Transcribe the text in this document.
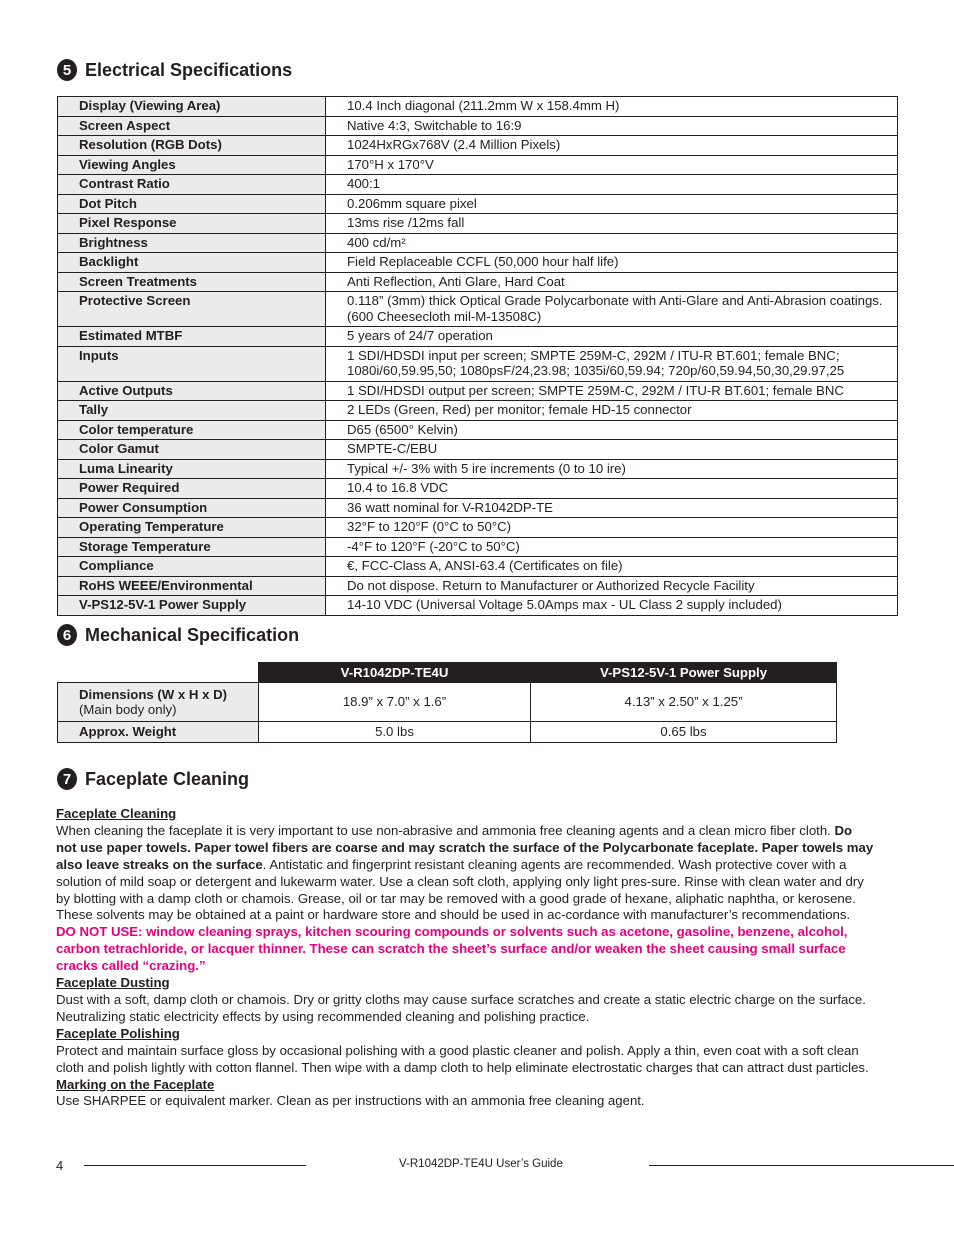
5 Electrical Specifications
Display (Viewing Area)	10.4 Inch diagonal (211.2mm W x 158.4mm H)
Screen Aspect	Native 4:3, Switchable to 16:9
Resolution (RGB Dots)	1024HxRGx768V (2.4 Million Pixels)
Viewing Angles	170°H x 170°V
Contrast Ratio	400:1
Dot Pitch	0.206mm square pixel
Pixel Response	13ms rise /12ms fall
Brightness	400 cd/m²
Backlight	Field Replaceable CCFL (50,000 hour half life)
Screen Treatments	Anti Reflection, Anti Glare, Hard Coat
Protective Screen	0.118” (3mm) thick Optical Grade Polycarbonate with Anti-Glare and Anti-Abrasion coatings. (600 Cheesecloth mil-M-13508C)
Estimated MTBF	5 years of 24/7 operation
Inputs	1 SDI/HDSDI input per screen; SMPTE 259M-C, 292M / ITU-R BT.601; female BNC; 1080i/60,59.95,50; 1080psF/24,23.98; 1035i/60,59.94; 720p/60,59.94,50,30,29.97,25
Active Outputs	1 SDI/HDSDI output per screen; SMPTE 259M-C, 292M / ITU-R BT.601; female BNC
Tally	2 LEDs (Green, Red) per monitor; female HD-15 connector
Color temperature	D65 (6500° Kelvin)
Color Gamut	SMPTE-C/EBU
Luma Linearity	Typical +/- 3% with 5 ire increments (0 to 10 ire)
Power Required	10.4 to 16.8 VDC
Power Consumption	36 watt nominal for V-R1042DP-TE
Operating Temperature	32°F to 120°F (0°C to 50°C)
Storage Temperature	-4°F to 120°F (-20°C to 50°C)
Compliance	€, FCC-Class A, ANSI-63.4 (Certificates on file)
RoHS WEEE/Environmental	Do not dispose. Return to Manufacturer or Authorized Recycle Facility
V-PS12-5V-1 Power Supply	14-10 VDC (Universal Voltage 5.0Amps max - UL Class 2 supply included)
6 Mechanical Specification
	V-R1042DP-TE4U	V-PS12-5V-1 Power Supply

Dimensions (W x H x D)
(Main body only)	18.9” x 7.0” x 1.6”	4.13” x 2.50” x 1.25”
Approx. Weight	5.0 lbs	0.65 lbs
7 Faceplate Cleaning

Faceplate Cleaning

When cleaning the faceplate it is very important to use non-abrasive and ammonia free cleaning agents and a clean micro fiber cloth. Do not use paper towels. Paper towel fibers are coarse and may scratch the surface of the Polycarbonate faceplate. Paper towels may also leave streaks on the surface. Antistatic and fingerprint resistant cleaning agents are recommended. Wash protective cover with a solution of mild soap or detergent and lukewarm water. Use a clean soft cloth, applying only light pres-sure. Rinse with clean water and dry by blotting with a damp cloth or chamois. Grease, oil or tar may be removed with a good grade of hexane, aliphatic naphtha, or kerosene. These solvents may be obtained at a paint or hardware store and should be used in ac-cordance with manufacturer’s recommendations.

DO NOT USE: window cleaning sprays, kitchen scouring compounds or solvents such as acetone, gasoline, benzene, alcohol, carbon tetrachloride, or lacquer thinner. These can scratch the sheet’s surface and/or weaken the sheet causing small surface cracks called “crazing.”

Faceplate Dusting

Dust with a soft, damp cloth or chamois. Dry or gritty cloths may cause surface scratches and create a static electric charge on the surface. Neutralizing static electricity effects by using recommended cleaning and polishing practice.

Faceplate Polishing

Protect and maintain surface gloss by occasional polishing with a good plastic cleaner and polish. Apply a thin, even coat with a soft clean cloth and polish lightly with cotton flannel. Then wipe with a damp cloth to help eliminate electrostatic charges that can attract dust particles.

Marking on the Faceplate

Use SHARPEE or equivalent marker. Clean as per instructions with an ammonia free cleaning agent.

4	V-R1042DP-TE4U User’s Guide
